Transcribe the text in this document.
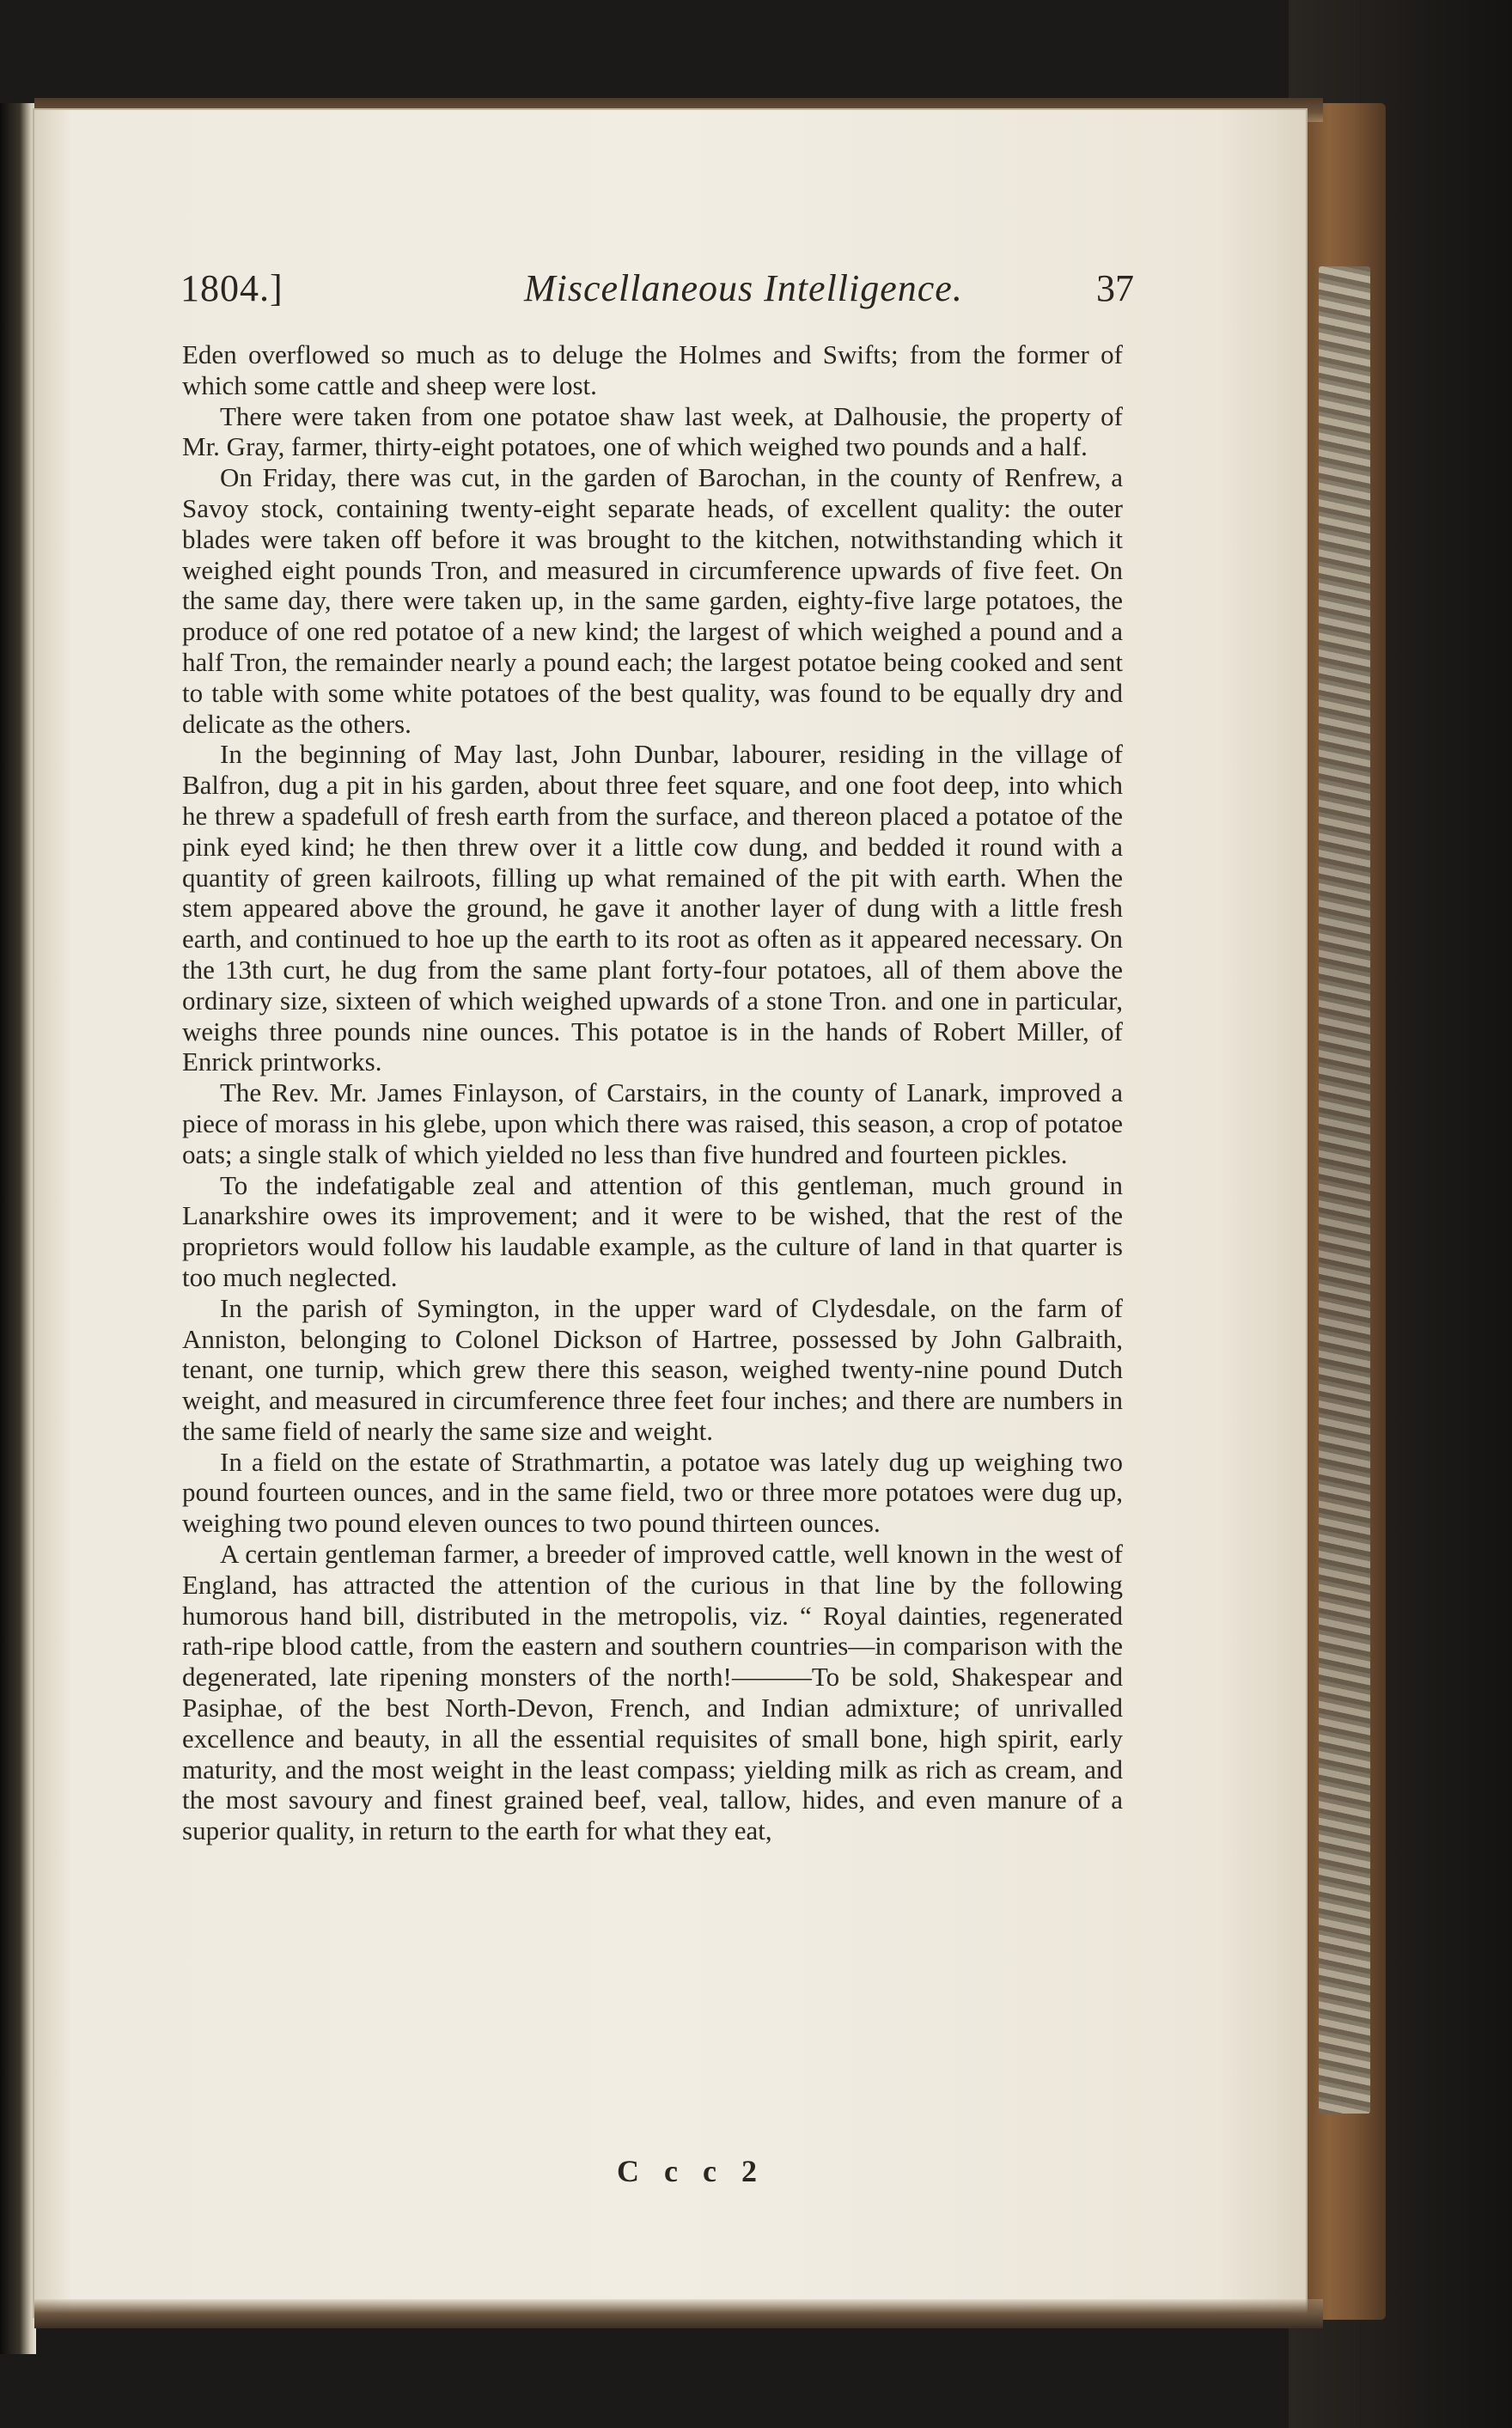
1804.]	Miscellaneous Intelligence.	37

Eden overflowed so much as to deluge the Holmes and Swifts; from the former of which some cattle and sheep were lost.

There were taken from one potatoe shaw last week, at Dalhousie, the property of Mr. Gray, farmer, thirty-eight potatoes, one of which weighed two pounds and a half.

On Friday, there was cut, in the garden of Barochan, in the county of Renfrew, a Savoy stock, containing twenty-eight separate heads, of excellent quality: the outer blades were taken off before it was brought to the kitchen, notwithstanding which it weighed eight pounds Tron, and measured in circumference upwards of five feet. On the same day, there were taken up, in the same garden, eighty-five large potatoes, the produce of one red potatoe of a new kind; the largest of which weighed a pound and a half Tron, the remainder nearly a pound each; the largest potatoe being cooked and sent to table with some white potatoes of the best quality, was found to be equally dry and delicate as the others.

In the beginning of May last, John Dunbar, labourer, residing in the village of Balfron, dug a pit in his garden, about three feet square, and one foot deep, into which he threw a spadefull of fresh earth from the surface, and thereon placed a potatoe of the pink eyed kind; he then threw over it a little cow dung, and bedded it round with a quantity of green kailroots, filling up what remained of the pit with earth. When the stem appeared above the ground, he gave it another layer of dung with a little fresh earth, and continued to hoe up the earth to its root as often as it appeared necessary. On the 13th curt, he dug from the same plant forty-four potatoes, all of them above the ordinary size, sixteen of which weighed upwards of a stone Tron. and one in particular, weighs three pounds nine ounces. This potatoe is in the hands of Robert Miller, of Enrick printworks.

The Rev. Mr. James Finlayson, of Carstairs, in the county of Lanark, improved a piece of morass in his glebe, upon which there was raised, this season, a crop of potatoe oats; a single stalk of which yielded no less than five hundred and fourteen pickles.

To the indefatigable zeal and attention of this gentleman, much ground in Lanarkshire owes its improvement; and it were to be wished, that the rest of the proprietors would follow his laudable example, as the culture of land in that quarter is too much neglected.

In the parish of Symington, in the upper ward of Clydesdale, on the farm of Anniston, belonging to Colonel Dickson of Hartree, possessed by John Galbraith, tenant, one turnip, which grew there this season, weighed twenty-nine pound Dutch weight, and measured in circumference three feet four inches; and there are numbers in the same field of nearly the same size and weight.

In a field on the estate of Strathmartin, a potatoe was lately dug up weighing two pound fourteen ounces, and in the same field, two or three more potatoes were dug up, weighing two pound eleven ounces to two pound thirteen ounces.

A certain gentleman farmer, a breeder of improved cattle, well known in the west of England, has attracted the attention of the curious in that line by the following humorous hand bill, distributed in the metropolis, viz. “ Royal dainties, regenerated rath-ripe blood cattle, from the eastern and southern countries—in comparison with the degenerated, late ripening monsters of the north!———To be sold, Shakespear and Pasiphae, of the best North-Devon, French, and Indian admixture; of unrivalled excellence and beauty, in all the essential requisites of small bone, high spirit, early maturity, and the most weight in the least compass; yielding milk as rich as cream, and the most savoury and finest grained beef, veal, tallow, hides, and even manure of a superior quality, in return to the earth for what they eat,

C c c 2
